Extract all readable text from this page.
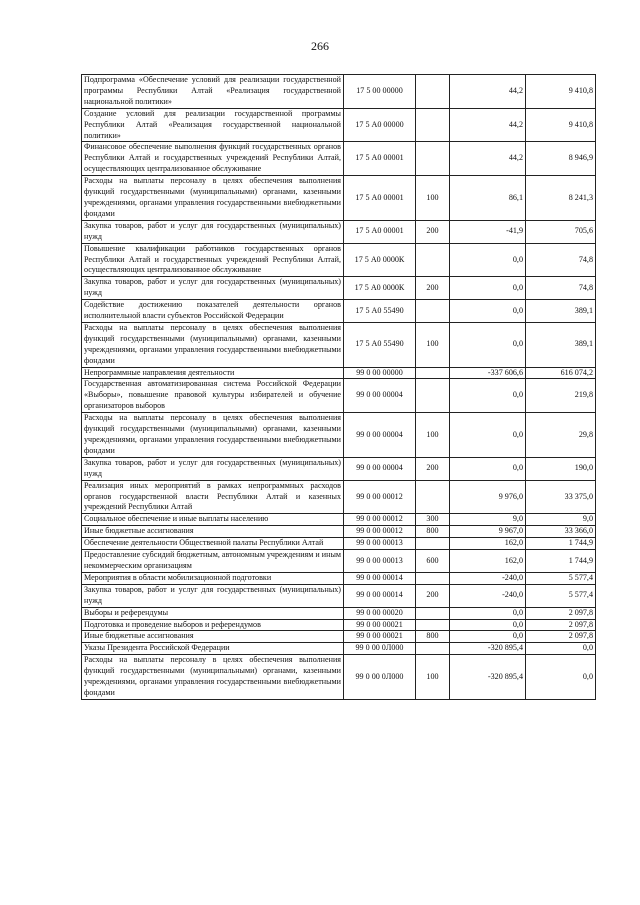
266
Подпрограмма «Обеспечение условий для реализации государственной программы Республики Алтай «Реализация государственной национальной политики»	17 5 00 00000		44,2	9 410,8
Создание условий для реализации государственной программы Республики Алтай «Реализация государственной национальной политики»	17 5 А0 00000		44,2	9 410,8
Финансовое обеспечение выполнения функций государственных органов Республики Алтай и государственных учреждений Республики Алтай, осуществляющих централизованное обслуживание	17 5 А0 00001		44,2	8 946,9
Расходы на выплаты персоналу в целях обеспечения выполнения функций государственными (муниципальными) органами, казенными учреждениями, органами управления государственными внебюджетными фондами	17 5 А0 00001	100	86,1	8 241,3
Закупка товаров, работ и услуг для государственных (муниципальных) нужд	17 5 А0 00001	200	-41,9	705,6
Повышение квалификации работников государственных органов Республики Алтай и государственных учреждений Республики Алтай, осуществляющих централизованное обслуживание	17 5 А0 0000К		0,0	74,8
Закупка товаров, работ и услуг для государственных (муниципальных) нужд	17 5 А0 0000К	200	0,0	74,8
Содействие достижению показателей деятельности органов исполнительной власти субъектов Российской Федерации	17 5 А0 55490		0,0	389,1
Расходы на выплаты персоналу в целях обеспечения выполнения функций государственными (муниципальными) органами, казенными учреждениями, органами управления государственными внебюджетными фондами	17 5 А0 55490	100	0,0	389,1
Непрограммные направления деятельности	99 0 00 00000		-337 606,6	616 074,2
Государственная автоматизированная система Российской Федерации «Выборы», повышение правовой культуры избирателей и обучение организаторов выборов	99 0 00 00004		0,0	219,8
Расходы на выплаты персоналу в целях обеспечения выполнения функций государственными (муниципальными) органами, казенными учреждениями, органами управления государственными внебюджетными фондами	99 0 00 00004	100	0,0	29,8
Закупка товаров, работ и услуг для государственных (муниципальных) нужд	99 0 00 00004	200	0,0	190,0
Реализация иных мероприятий в рамках непрограммных расходов органов государственной власти Республики Алтай и казенных учреждений Республики Алтай	99 0 00 00012		9 976,0	33 375,0
Социальное обеспечение и иные выплаты населению	99 0 00 00012	300	9,0	9,0
Иные бюджетные ассигнования	99 0 00 00012	800	9 967,0	33 366,0
Обеспечение деятельности Общественной палаты Республики Алтай	99 0 00 00013		162,0	1 744,9
Предоставление субсидий бюджетным, автономным учреждениям и иным некоммерческим организациям	99 0 00 00013	600	162,0	1 744,9
Мероприятия в области мобилизационной подготовки	99 0 00 00014		-240,0	5 577,4
Закупка товаров, работ и услуг для государственных (муниципальных) нужд	99 0 00 00014	200	-240,0	5 577,4
Выборы и референдумы	99 0 00 00020		0,0	2 097,8
Подготовка и проведение выборов и референдумов	99 0 00 00021		0,0	2 097,8
Иные бюджетные ассигнования	99 0 00 00021	800	0,0	2 097,8
Указы Президента Российской Федерации	99 0 00 0Л000		-320 895,4	0,0
Расходы на выплаты персоналу в целях обеспечения выполнения функций государственными (муниципальными) органами, казенными учреждениями, органами управления государственными внебюджетными фондами	99 0 00 0Л000	100	-320 895,4	0,0
